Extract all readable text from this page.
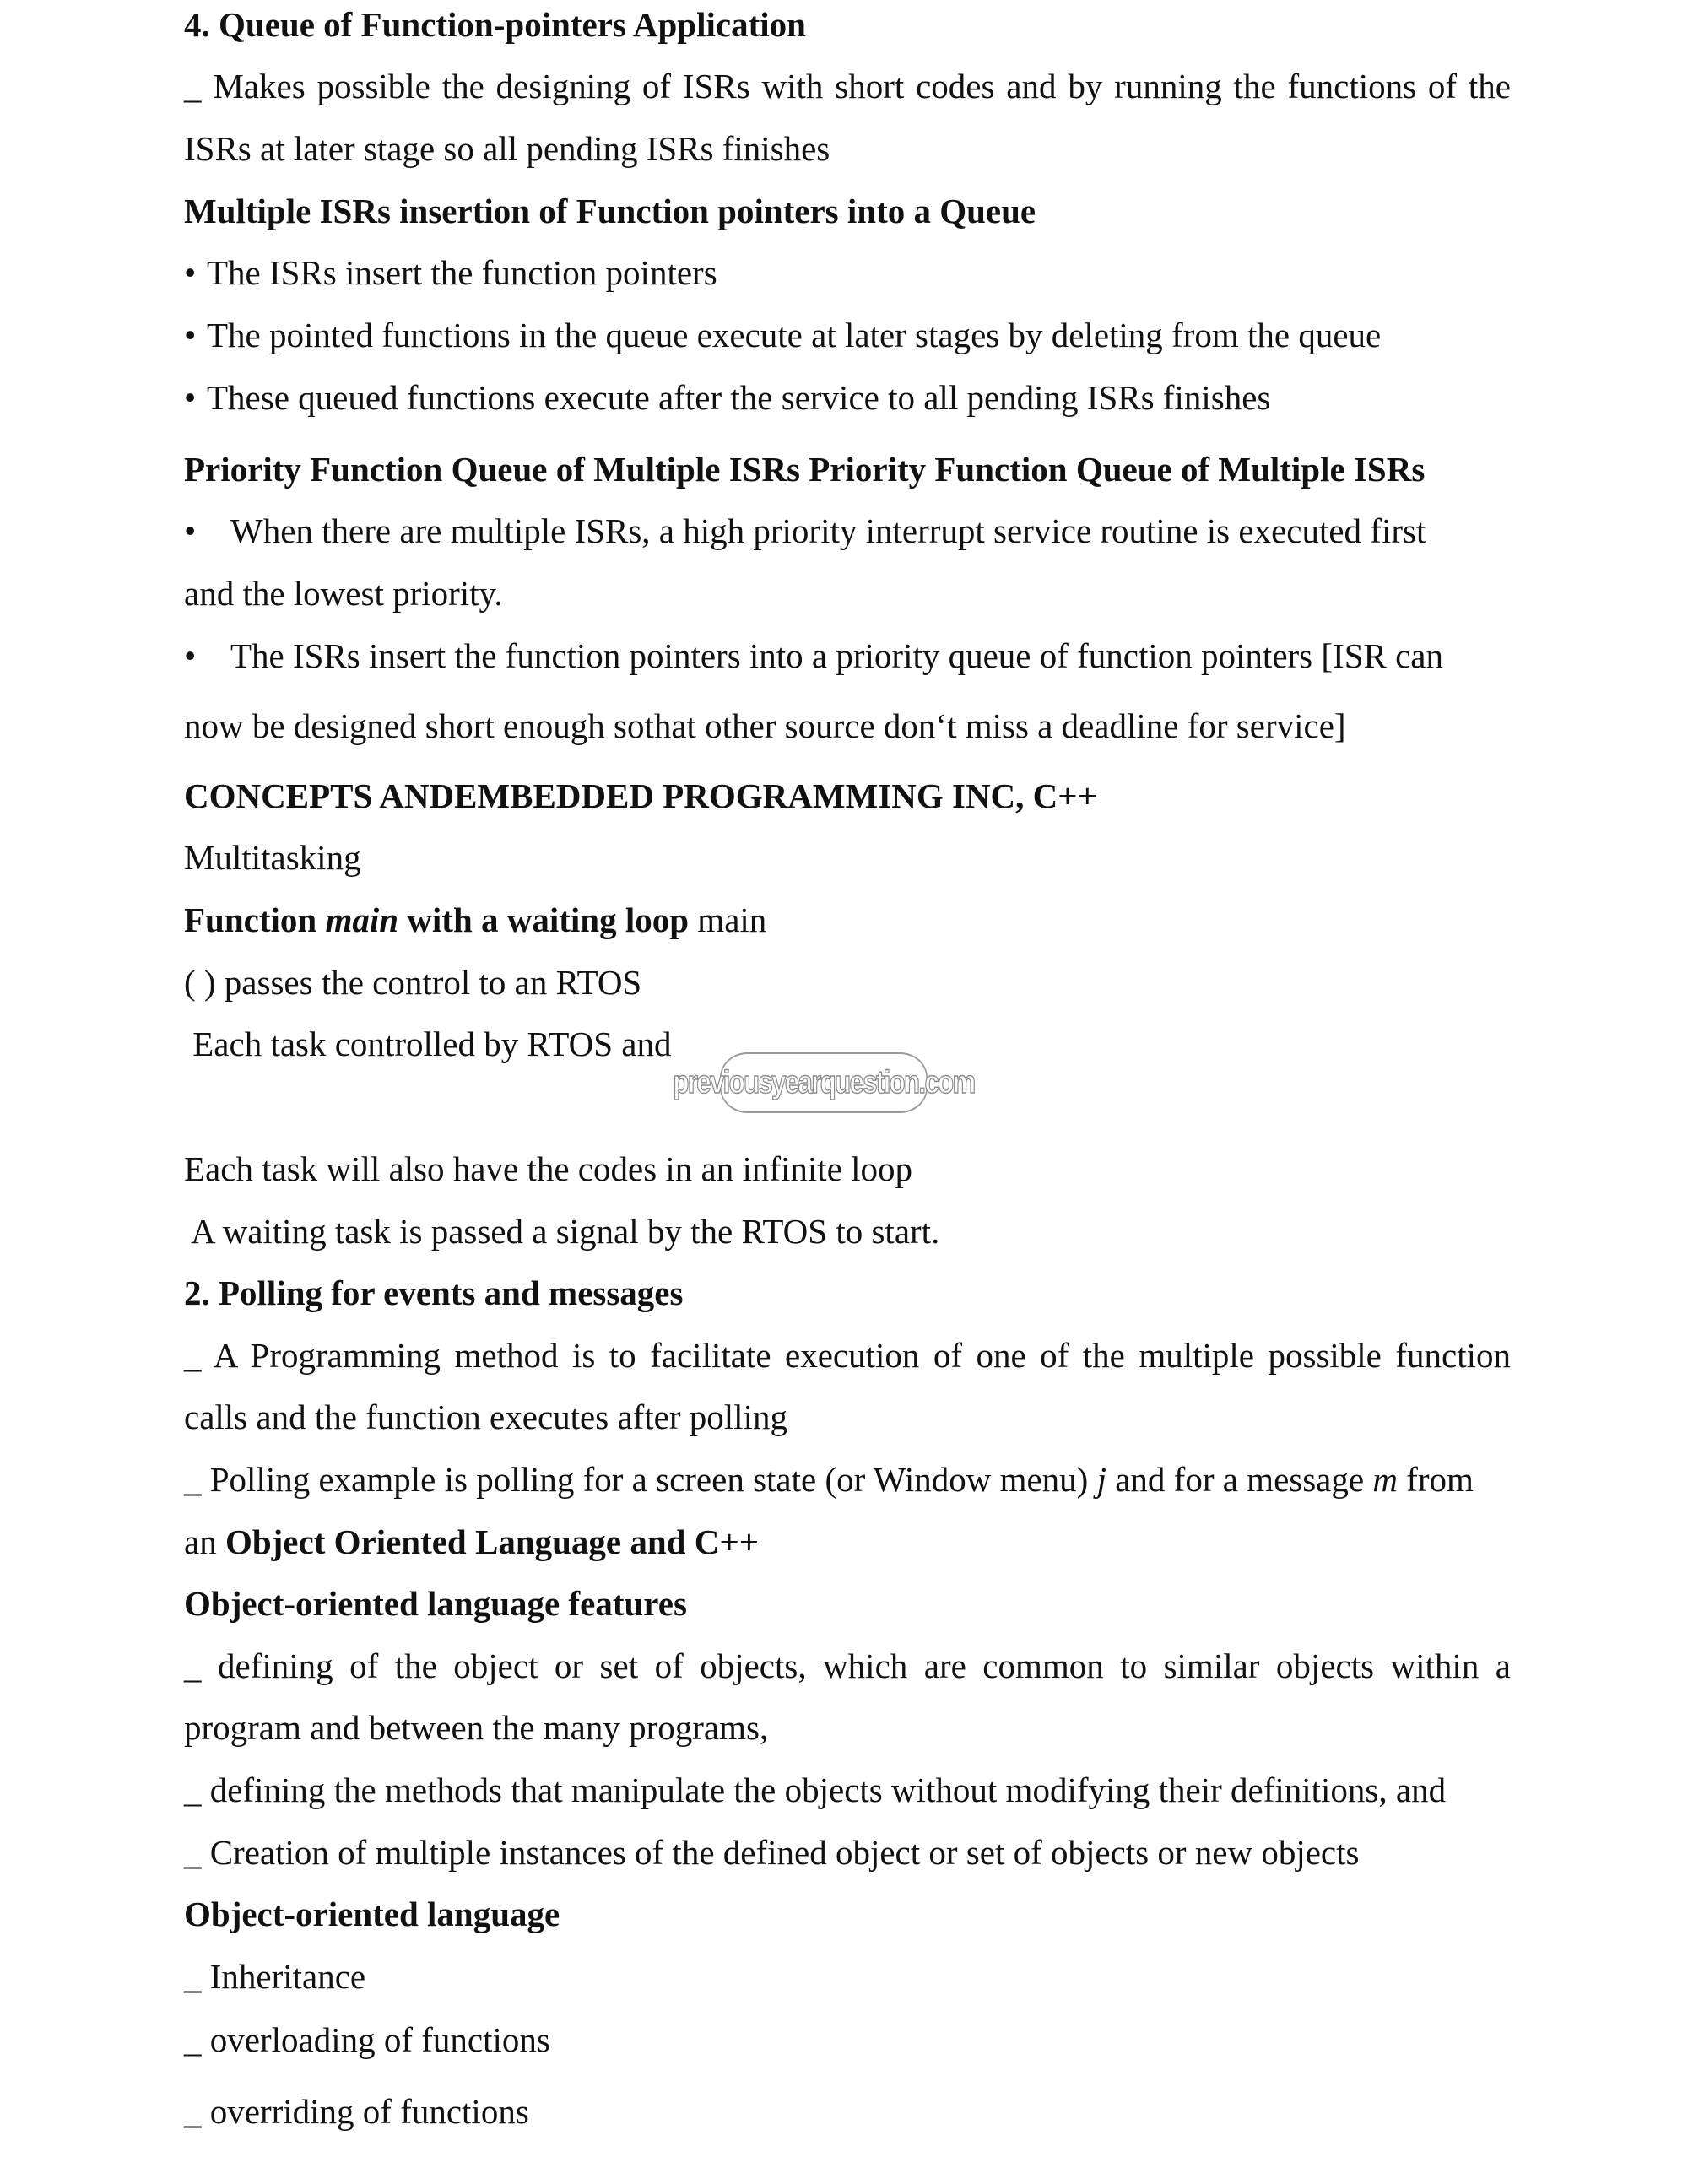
4. Queue of Function-pointers Application
_ Makes possible the designing of ISRs with short codes and by running the functions of the
ISRs at later stage so all pending ISRs finishes
Multiple ISRs insertion of Function pointers into a Queue
• The ISRs insert the function pointers
• The pointed functions in the queue execute at later stages by deleting from the queue
• These queued functions execute after the service to all pending ISRs finishes
Priority Function Queue of Multiple ISRs Priority Function Queue of Multiple ISRs
• When there are multiple ISRs, a high priority interrupt service routine is executed first
and the lowest priority.
• The ISRs insert the function pointers into a priority queue of function pointers [ISR can
now be designed short enough sothat other source don‘t miss a deadline for service]
CONCEPTS ANDEMBEDDED PROGRAMMING INC, C++
Multitasking
Function main with a waiting loop main
( ) passes the control to an RTOS
Each task controlled by RTOS and
previousyearquestion.com
Each task will also have the codes in an infinite loop
A waiting task is passed a signal by the RTOS to start.
2. Polling for events and messages
_ A Programming method is to facilitate execution of one of the multiple possible function
calls and the function executes after polling
_ Polling example is polling for a screen state (or Window menu) j and for a message m from
an Object Oriented Language and C++
Object-oriented language features
_ defining of the object or set of objects, which are common to similar objects within a
program and between the many programs,
_ defining the methods that manipulate the objects without modifying their definitions, and
_ Creation of multiple instances of the defined object or set of objects or new objects
Object-oriented language
_ Inheritance
_ overloading of functions
_ overriding of functions
